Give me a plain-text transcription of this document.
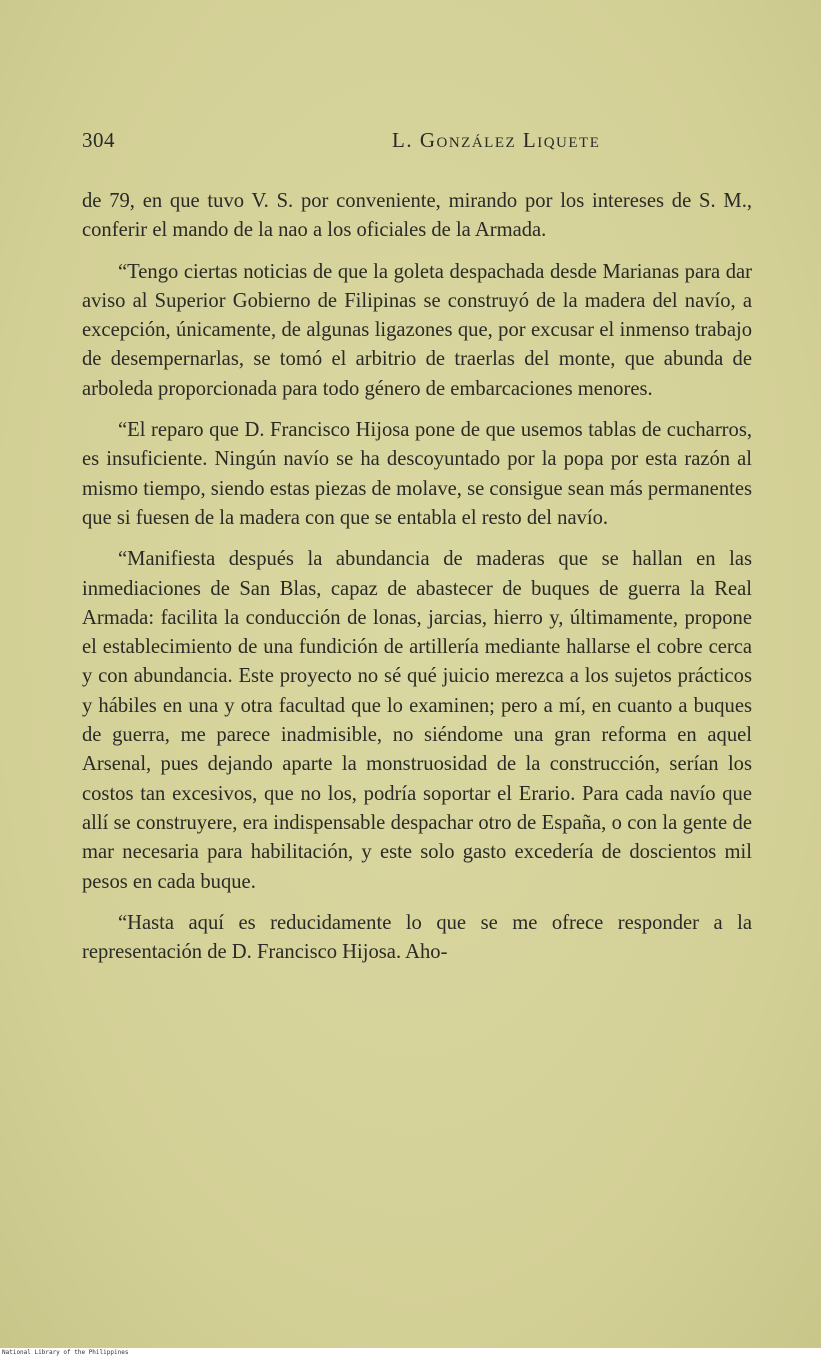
304	L. González Liquete

de 79, en que tuvo V. S. por conveniente, mirando por los intereses de S. M., conferir el mando de la nao a los oficiales de la Armada.

“Tengo ciertas noticias de que la goleta despachada desde Marianas para dar aviso al Superior Gobierno de Filipinas se construyó de la madera del navío, a excepción, únicamente, de algunas ligazones que, por excusar el inmenso trabajo de desempernarlas, se tomó el arbitrio de traerlas del monte, que abunda de arboleda proporcionada para todo género de embarcaciones menores.

“El reparo que D. Francisco Hijosa pone de que usemos tablas de cucharros, es insuficiente. Ningún navío se ha descoyuntado por la popa por esta razón al mismo tiempo, siendo estas piezas de molave, se consigue sean más permanentes que si fuesen de la madera con que se entabla el resto del navío.

“Manifiesta después la abundancia de maderas que se hallan en las inmediaciones de San Blas, capaz de abastecer de buques de guerra la Real Armada: facilita la conducción de lonas, jarcias, hierro y, últimamente, propone el establecimiento de una fundición de artillería mediante hallarse el cobre cerca y con abundancia. Este proyecto no sé qué juicio merezca a los sujetos prácticos y hábiles en una y otra facultad que lo examinen; pero a mí, en cuanto a buques de guerra, me parece inadmisible, no siéndome una gran reforma en aquel Arsenal, pues dejando aparte la monstruosidad de la construcción, serían los costos tan excesivos, que no los, podría soportar el Erario. Para cada navío que allí se construyere, era indispensable despachar otro de España, o con la gente de mar necesaria para habilitación, y este solo gasto excedería de doscientos mil pesos en cada buque.

“Hasta aquí es reducidamente lo que se me ofrece responder a la representación de D. Francisco Hijosa. Aho-

National Library of the Philippines
